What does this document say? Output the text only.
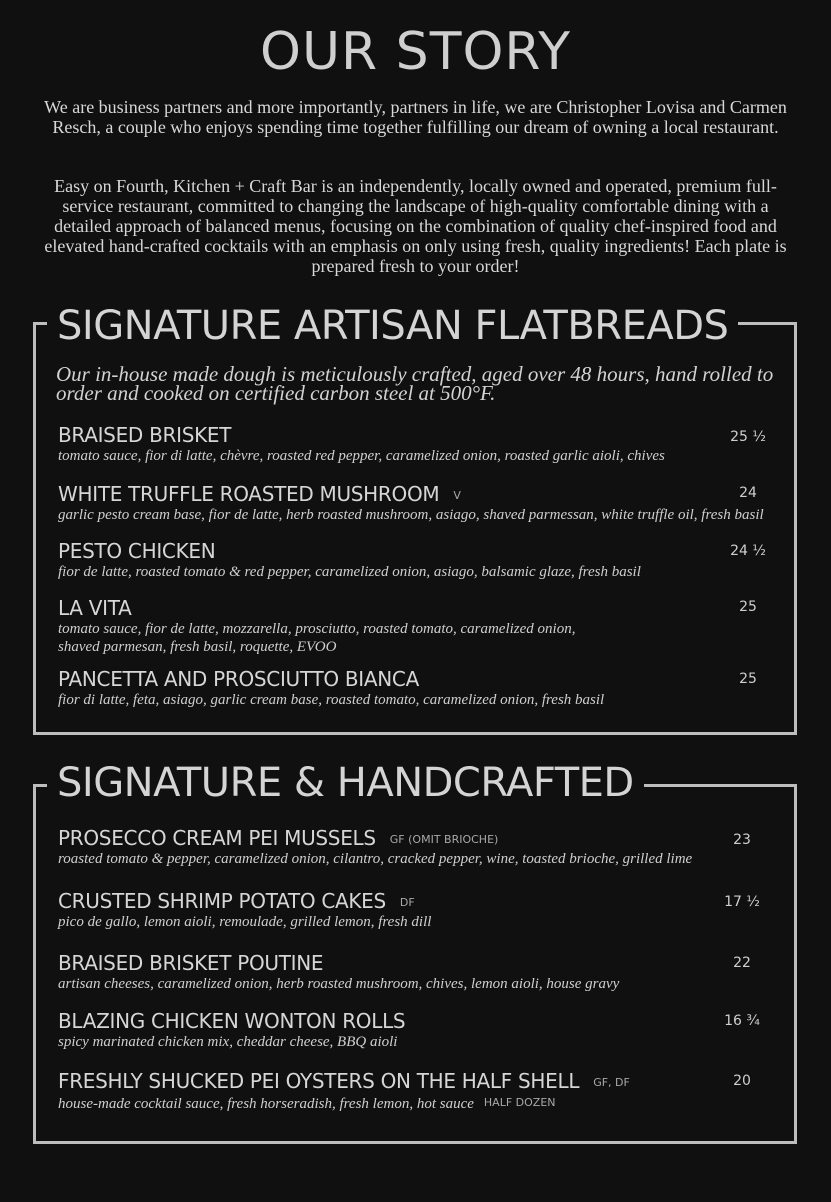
OUR STORY

We are business partners and more importantly, partners in life, we are Christopher Lovisa and Carmen Resch, a couple who enjoys spending time together fulfilling our dream of owning a local restaurant.

Easy on Fourth, Kitchen + Craft Bar is an independently, locally owned and operated, premium full-service restaurant, committed to changing the landscape of high-quality comfortable dining with a detailed approach of balanced menus, focusing on the combination of quality chef-inspired food and elevated hand-crafted cocktails with an emphasis on only using fresh, quality ingredients! Each plate is prepared fresh to your order!

SIGNATURE ARTISAN FLATBREADS

Our in-house made dough is meticulously crafted, aged over 48 hours, hand rolled to order and cooked on certified carbon steel at 500°F.

BRAISED BRISKET
tomato sauce, fior di latte, chèvre, roasted red pepper, caramelized onion, roasted garlic aioli, chives
25 ½
WHITE TRUFFLE ROASTED MUSHROOM V
garlic pesto cream base, fior de latte, herb roasted mushroom, asiago, shaved parmessan, white truffle oil, fresh basil
24
PESTO CHICKEN
fior de latte, roasted tomato & red pepper, caramelized onion, asiago, balsamic glaze, fresh basil
24 ½
LA VITA
tomato sauce, fior de latte, mozzarella, prosciutto, roasted tomato, caramelized onion,
shaved parmesan, fresh basil, roquette, EVOO
25
PANCETTA AND PROSCIUTTO BIANCA
fior di latte, feta, asiago, garlic cream base, roasted tomato, caramelized onion, fresh basil
25
SIGNATURE & HANDCRAFTED
PROSECCO CREAM PEI MUSSELS GF (OMIT BRIOCHE)
roasted tomato & pepper, caramelized onion, cilantro, cracked pepper, wine, toasted brioche, grilled lime
23
CRUSTED SHRIMP POTATO CAKES DF
pico de gallo, lemon aioli, remoulade, grilled lemon, fresh dill
17 ½
BRAISED BRISKET POUTINE
artisan cheeses, caramelized onion, herb roasted mushroom, chives, lemon aioli, house gravy
22
BLAZING CHICKEN WONTON ROLLS
spicy marinated chicken mix, cheddar cheese, BBQ aioli
16 ¾
FRESHLY SHUCKED PEI OYSTERS ON THE HALF SHELL GF, DF
house-made cocktail sauce, fresh horseradish, fresh lemon, hot sauce HALF DOZEN
20
